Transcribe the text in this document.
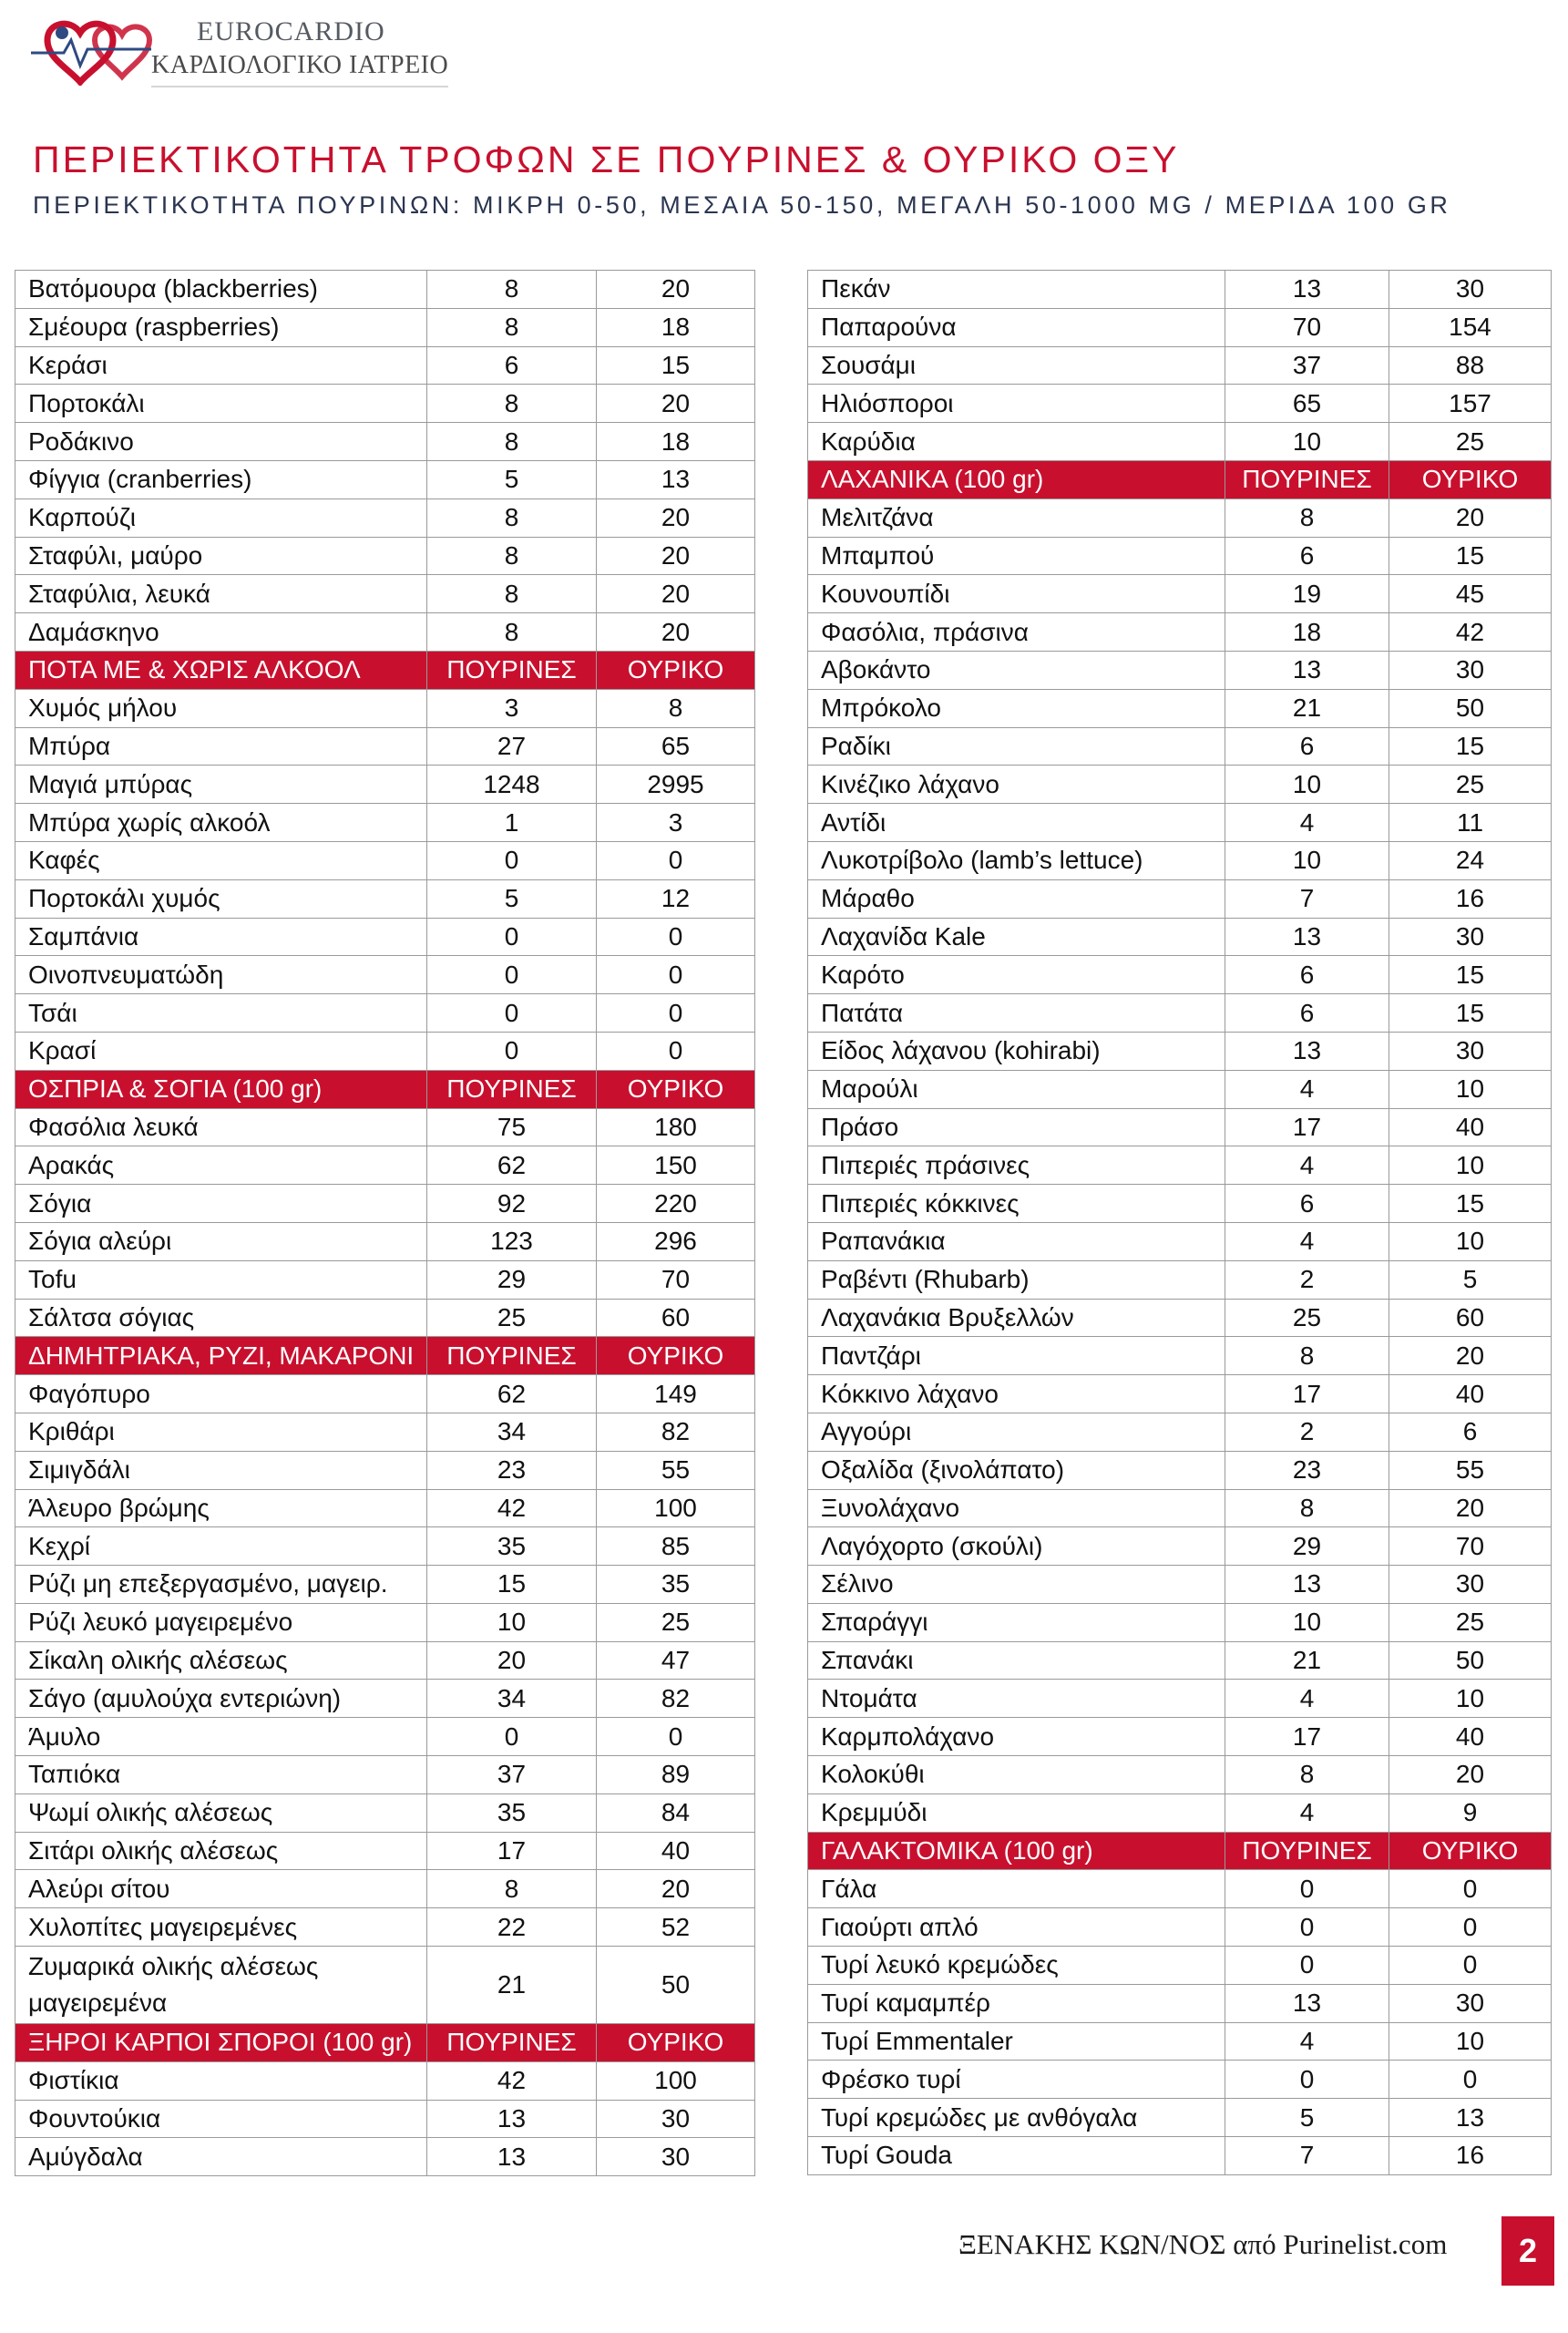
EUROCARDIO
ΚΑΡΔΙΟΛΟΓΙΚΟ ΙΑΤΡΕΙΟ
ΠΕΡΙΕΚΤΙΚΟΤΗΤΑ ΤΡΟΦΩΝ ΣΕ ΠΟΥΡΙΝΕΣ & ΟΥΡΙΚΟ ΟΞΥ

ΠΕΡΙΕΚΤΙΚΟΤΗΤΑ ΠΟΥΡΙΝΩΝ: ΜΙΚΡΗ 0-50, ΜΕΣΑΙΑ 50-150, ΜΕΓΑΛΗ 50-1000 MG / ΜΕΡΙΔΑ 100 GR

Βατόμουρα (blackberries)	8	20
Σμέουρα (raspberries)	8	18
Κεράσι	6	15
Πορτοκάλι	8	20
Ροδάκινο	8	18
Φίγγια (cranberries)	5	13
Καρπούζι	8	20
Σταφύλι, μαύρο	8	20
Σταφύλια, λευκά	8	20
Δαμάσκηνο	8	20
ΠΟΤΑ ΜΕ & ΧΩΡΙΣ ΑΛΚΟΟΛ	ΠΟΥΡΙΝΕΣ	ΟΥΡΙΚΟ
Χυμός μήλου	3	8
Μπύρα	27	65
Μαγιά μπύρας	1248	2995
Μπύρα χωρίς αλκοόλ	1	3
Καφές	0	0
Πορτοκάλι χυμός	5	12
Σαμπάνια	0	0
Οινοπνευματώδη	0	0
Τσάι	0	0
Κρασί	0	0
ΟΣΠΡΙΑ & ΣΟΓΙΑ (100 gr)	ΠΟΥΡΙΝΕΣ	ΟΥΡΙΚΟ
Φασόλια λευκά	75	180
Αρακάς	62	150
Σόγια	92	220
Σόγια αλεύρι	123	296
Tofu	29	70
Σάλτσα σόγιας	25	60
ΔΗΜΗΤΡΙΑΚΑ, ΡΥΖΙ, ΜΑΚΑΡΟΝΙ	ΠΟΥΡΙΝΕΣ	ΟΥΡΙΚΟ
Φαγόπυρο	62	149
Κριθάρι	34	82
Σιμιγδάλι	23	55
Άλευρο βρώμης	42	100
Κεχρί	35	85
Ρύζι μη επεξεργασμένο, μαγειρ.	15	35
Ρύζι λευκό μαγειρεμένο	10	25
Σίκαλη ολικής αλέσεως	20	47
Σάγο (αμυλούχα εντεριώνη)	34	82
Άμυλο	0	0
Ταπιόκα	37	89
Ψωμί ολικής αλέσεως	35	84
Σιτάρι ολικής αλέσεως	17	40
Αλεύρι σίτου	8	20
Χυλοπίτες μαγειρεμένες	22	52
Ζυμαρικά ολικής αλέσεως μαγειρεμένα	21	50
ΞΗΡΟΙ ΚΑΡΠΟΙ ΣΠΟΡΟΙ (100 gr)	ΠΟΥΡΙΝΕΣ	ΟΥΡΙΚΟ
Φιστίκια	42	100
Φουντούκια	13	30
Αμύγδαλα	13	30
Πεκάν	13	30
Παπαρούνα	70	154
Σουσάμι	37	88
Ηλιόσποροι	65	157
Καρύδια	10	25
ΛΑΧΑΝΙΚΑ (100 gr)	ΠΟΥΡΙΝΕΣ	ΟΥΡΙΚΟ
Μελιτζάνα	8	20
Μπαμπού	6	15
Κουνουπίδι	19	45
Φασόλια, πράσινα	18	42
Αβοκάντο	13	30
Μπρόκολο	21	50
Ραδίκι	6	15
Κινέζικο λάχανο	10	25
Αντίδι	4	11
Λυκοτρίβολο (lamb’s lettuce)	10	24
Μάραθο	7	16
Λαχανίδα Kale	13	30
Καρότο	6	15
Πατάτα	6	15
Είδος λάχανου (kohirabi)	13	30
Μαρούλι	4	10
Πράσο	17	40
Πιπεριές πράσινες	4	10
Πιπεριές κόκκινες	6	15
Ραπανάκια	4	10
Ραβέντι (Rhubarb)	2	5
Λαχανάκια Βρυξελλών	25	60
Παντζάρι	8	20
Κόκκινο λάχανο	17	40
Αγγούρι	2	6
Οξαλίδα (ξινολάπατο)	23	55
Ξυνολάχανο	8	20
Λαγόχορτο (σκούλι)	29	70
Σέλινο	13	30
Σπαράγγι	10	25
Σπανάκι	21	50
Ντομάτα	4	10
Καρμπολάχανο	17	40
Κολοκύθι	8	20
Κρεμμύδι	4	9
ΓΑΛΑΚΤΟΜΙΚΑ (100 gr)	ΠΟΥΡΙΝΕΣ	ΟΥΡΙΚΟ
Γάλα	0	0
Γιαούρτι απλό	0	0
Τυρί λευκό κρεμώδες	0	0
Τυρί καμαμπέρ	13	30
Τυρί Emmentaler	4	10
Φρέσκο τυρί	0	0
Τυρί κρεμώδες με ανθόγαλα	5	13
Τυρί Gouda	7	16
ΞΕΝΑΚΗΣ ΚΩΝ/ΝΟΣ από Purinelist.com	2
